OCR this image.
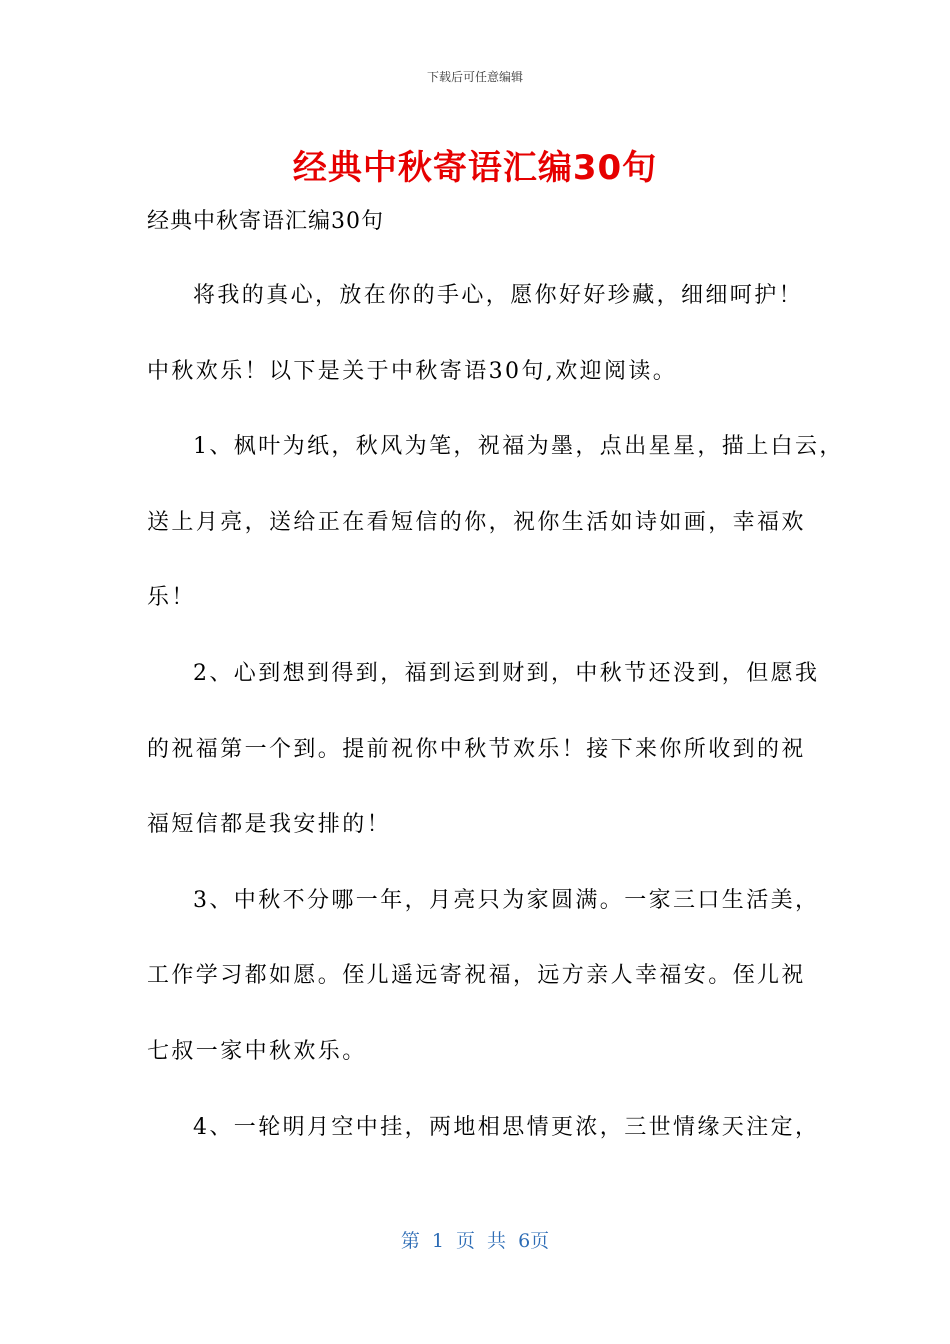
下载后可任意编辑
经典中秋寄语汇编30句
经典中秋寄语汇编30句
将我的真心，放在你的手心，愿你好好珍藏，细细呵护！
中秋欢乐！以下是关于中秋寄语30句,欢迎阅读。
1、枫叶为纸，秋风为笔，祝福为墨，点出星星，描上白云，
送上月亮，送给正在看短信的你，祝你生活如诗如画，幸福欢
乐！
2、心到想到得到，福到运到财到，中秋节还没到，但愿我
的祝福第一个到。提前祝你中秋节欢乐！接下来你所收到的祝
福短信都是我安排的！
3、中秋不分哪一年，月亮只为家圆满。一家三口生活美，
工作学习都如愿。侄儿遥远寄祝福，远方亲人幸福安。侄儿祝
七叔一家中秋欢乐。
4、一轮明月空中挂，两地相思情更浓，三世情缘天注定，
第 1 页 共 6页
